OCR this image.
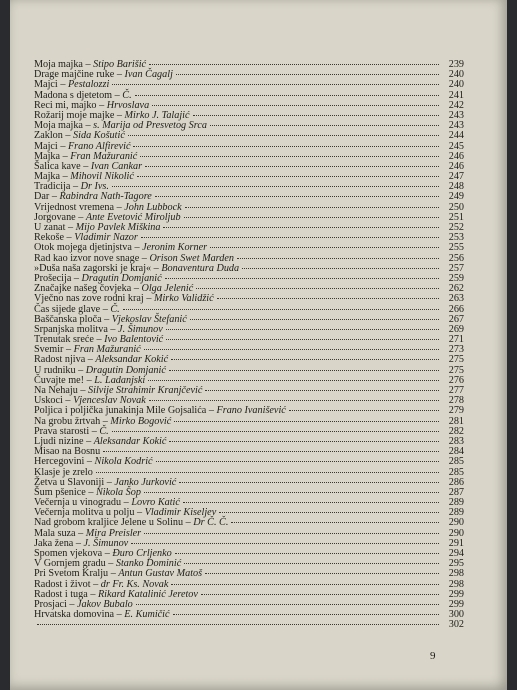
Moja majka – Stipo Barišić	239
Drage majčine ruke – Ivan Čagalj	240
Majci – Pestalozzi	240
Madona s djetetom – Č.	241
Reci mi, majko – Hrvoslava	242
Rožarij moje majke – Mirko J. Talajić	243
Moja majka – s. Marija od Presvetog Srca	243
Zaklon – Sida Košutić	244
Majci – Frano Alfirević	245
Majka – Fran Mažuranić	246
Šalica kave – Ivan Cankar	246
Majka – Mihovil Nikolić	247
Tradicija – Dr Ivs.	248
Dar – Rabindra Nath-Tagore	249
Vrijednost vremena – John Lubbock	250
Jorgovane – Ante Evetović Miroljub	251
U zanat – Mijo Pavlek Miškina	252
Rekoše – Vladimir Nazor	253
Otok mojega djetinjstva – Jeronim Korner	255
Rad kao izvor nove snage – Orison Swet Marden	256
»Duša naša zagorski je kraj« – Bonaventura Duda	257
Prošecija – Dragutin Domjanić	259
Značajke našeg čovjeka – Olga Jelenić	262
Vječno nas zove rodni kraj – Mirko Validžić	263
Čas sijede glave – Č.	266
Baščanska ploča – Vjekoslav Štefanić	267
Srpanjska molitva – J. Šimunov	269
Trenutak sreće – Ivo Balentović	271
Svemir – Fran Mažuranić	273
Radost njiva – Aleksandar Kokić	275
U rudniku – Dragutin Domjanić	275
Čuvajte me! – L. Ladanjski	276
Na Nehaju – Silvije Strahimir Kranjčević	277
Uskoci – Vjenceslav Novak	278
Poljica i poljička junakinja Mile Gojsalića – Frano Ivanišević	279
Na grobu žrtvah – Mirko Bogović	281
Prava starosti – Č.	282
Ljudi nizine – Aleksandar Kokić	283
Misao na Bosnu	284
Hercegovini – Nikola Kodrić	285
Klasje je zrelo	285
Žetva u Slavoniji – Janko Jurković	286
Šum pšenice – Nikola Šop	287
Večernja u vinogradu – Lovro Katić	289
Večernja molitva u polju – Vladimir Kiseljev	289
Nad grobom kraljice Jelene u Solinu – Dr Č. Č.	290
Mala suza – Mira Preisler	290
Jaka žena – J. Šimunov	291
Spomen vjekova – Đuro Crljenko	294
V Gornjem gradu – Stanko Dominić	295
Pri Svetom Kralju – Antun Gustav Matoš	298
Radost i život – dr Fr. Ks. Novak	298
Radost i tuga – Rikard Katalinić Jeretov	299
Prosjaci – Jakov Bubalo	299
Hrvatska domovina – E. Kumičić	300
302
9
